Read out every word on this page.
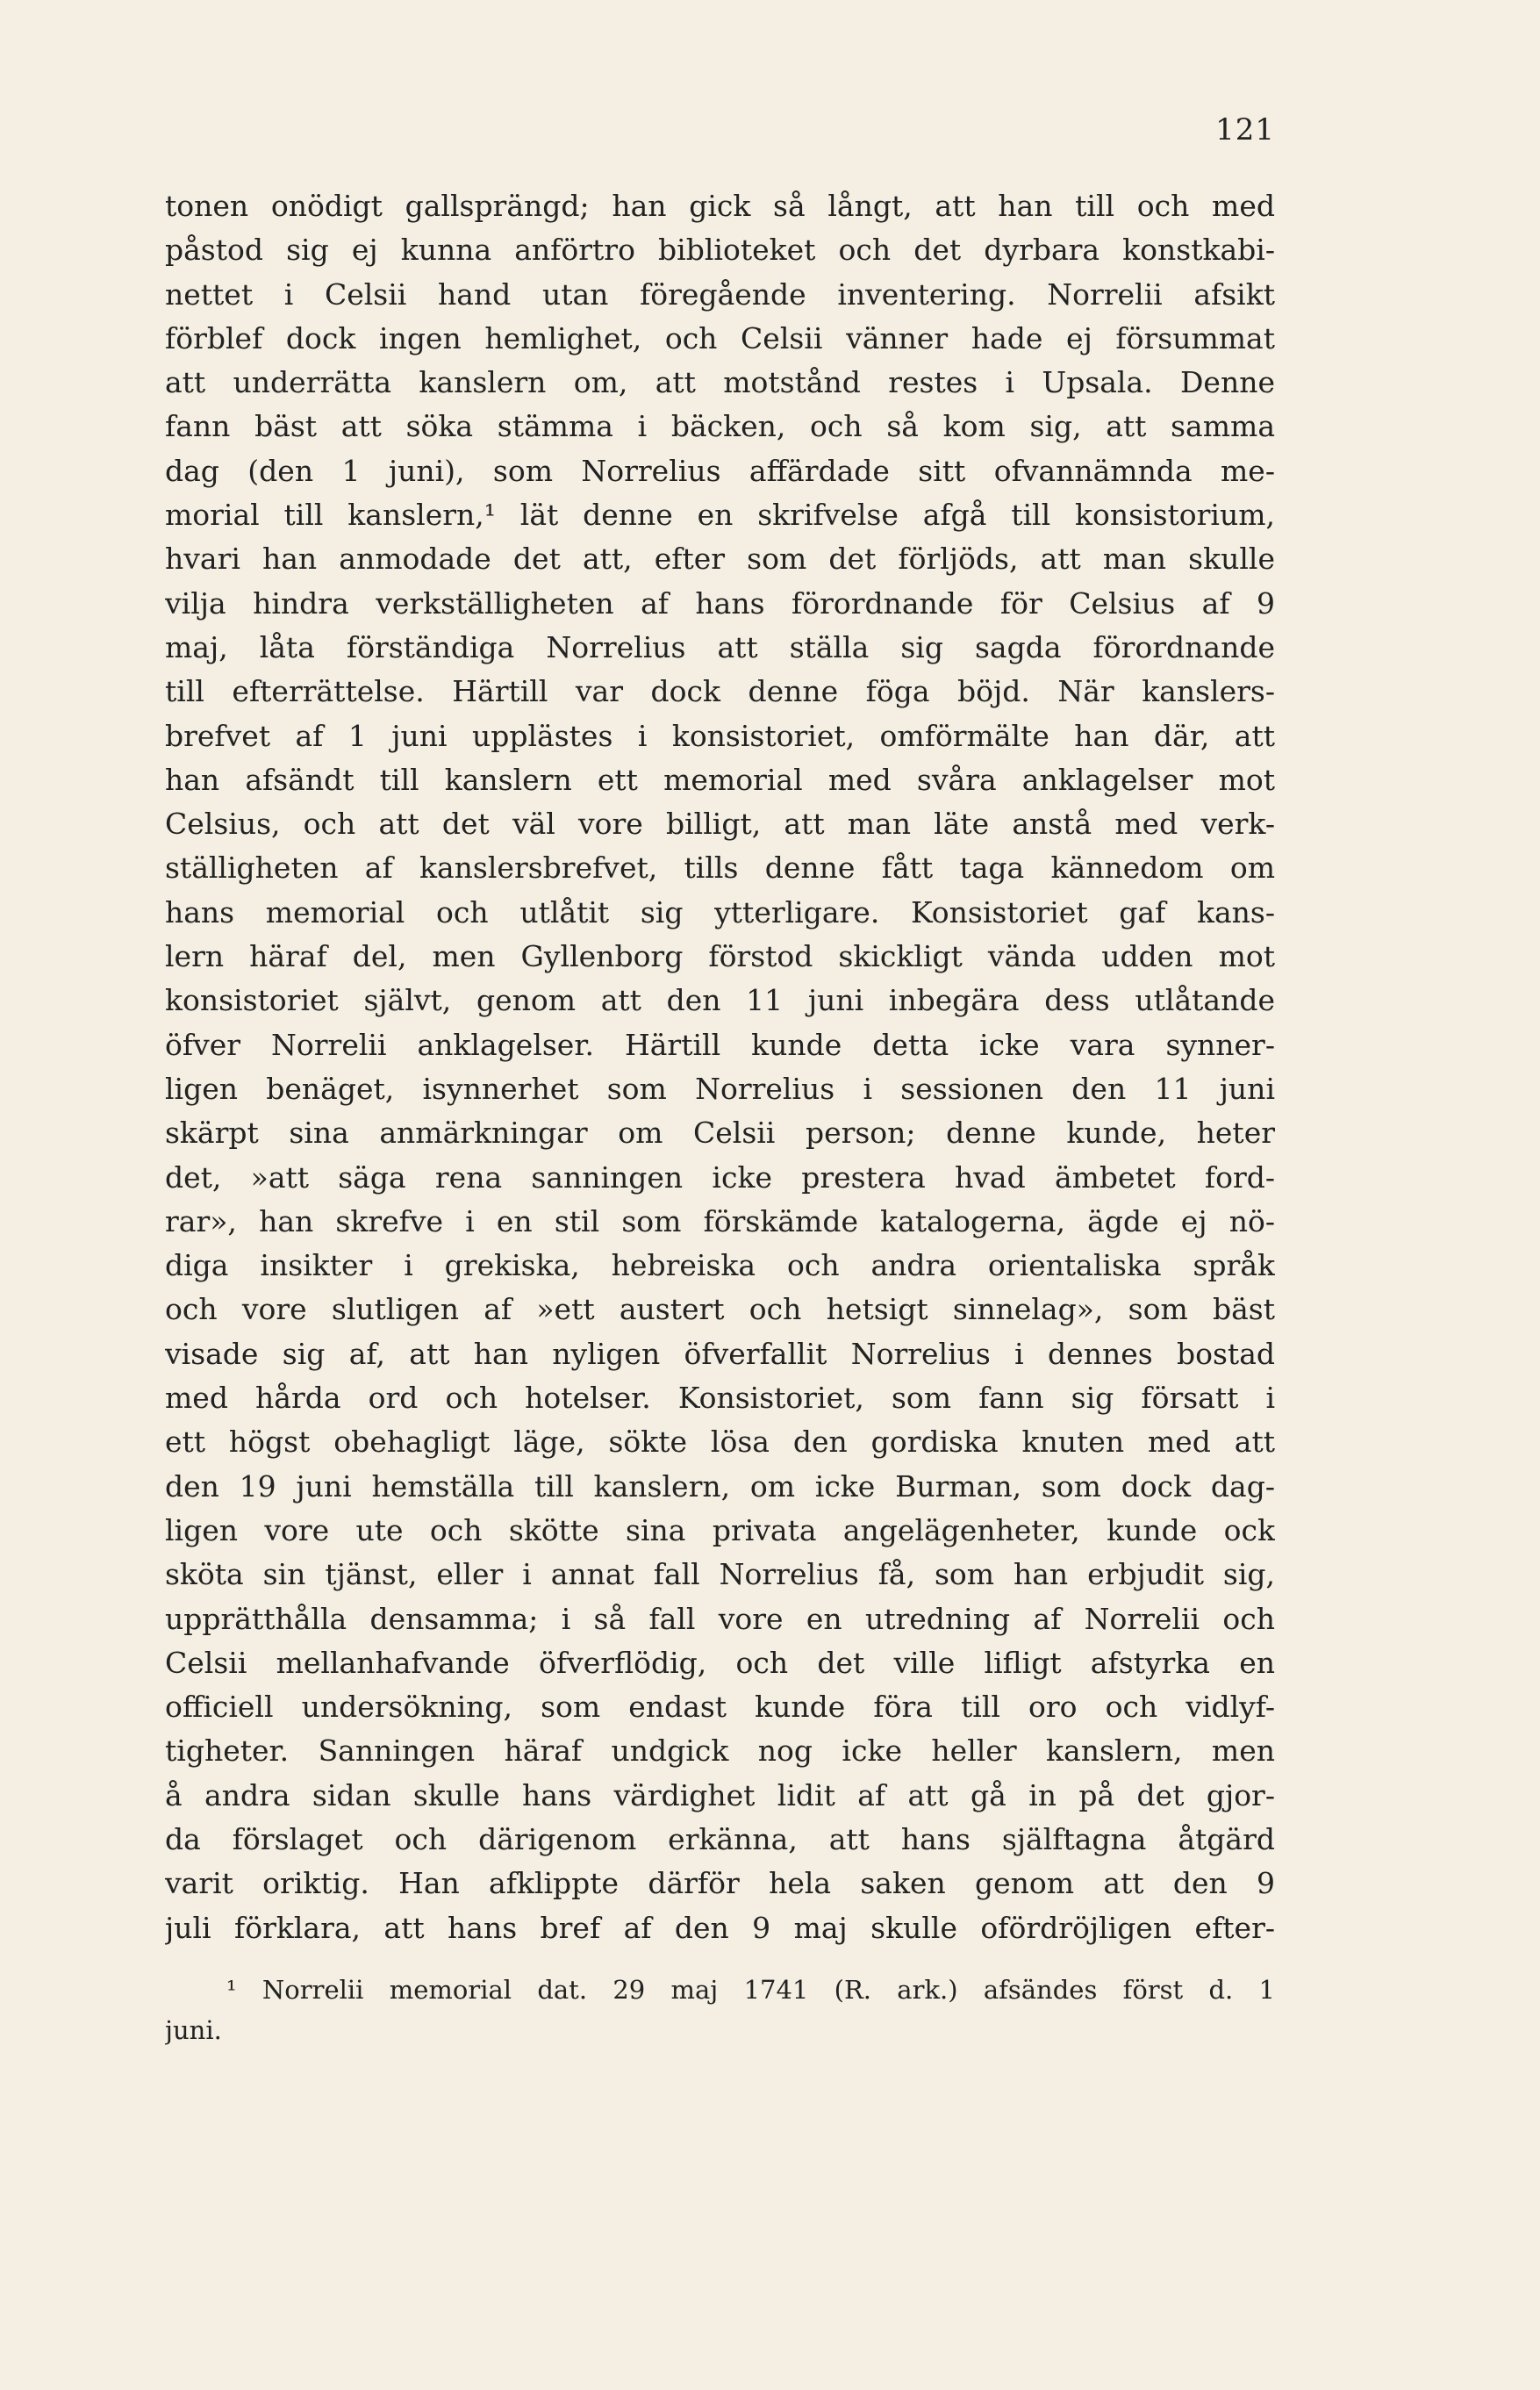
121
tonen onödigt gallsprängd; han gick så långt, att han till och med
påstod sig ej kunna anförtro biblioteket och det dyrbara konstkabi-
nettet i Celsii hand utan föregående inventering. Norrelii afsikt
förblef dock ingen hemlighet, och Celsii vänner hade ej försummat
att underrätta kanslern om, att motstånd restes i Upsala. Denne
fann bäst att söka stämma i bäcken, och så kom sig, att samma
dag (den 1 juni), som Norrelius affärdade sitt ofvannämnda me-
morial till kanslern,¹ lät denne en skrifvelse afgå till konsistorium,
hvari han anmodade det att, efter som det förljöds, att man skulle
vilja hindra verkställigheten af hans förordnande för Celsius af 9
maj, låta förständiga Norrelius att ställa sig sagda förordnande
till efterrättelse. Härtill var dock denne föga böjd. När kanslers-
brefvet af 1 juni upplästes i konsistoriet, omförmälte han där, att
han afsändt till kanslern ett memorial med svåra anklagelser mot
Celsius, och att det väl vore billigt, att man läte anstå med verk-
ställigheten af kanslersbrefvet, tills denne fått taga kännedom om
hans memorial och utlåtit sig ytterligare. Konsistoriet gaf kans-
lern häraf del, men Gyllenborg förstod skickligt vända udden mot
konsistoriet självt, genom att den 11 juni inbegära dess utlåtande
öfver Norrelii anklagelser. Härtill kunde detta icke vara synner-
ligen benäget, isynnerhet som Norrelius i sessionen den 11 juni
skärpt sina anmärkningar om Celsii person; denne kunde, heter
det, »att säga rena sanningen icke prestera hvad ämbetet ford-
rar», han skrefve i en stil som förskämde katalogerna, ägde ej nö-
diga insikter i grekiska, hebreiska och andra orientaliska språk
och vore slutligen af »ett austert och hetsigt sinnelag», som bäst
visade sig af, att han nyligen öfverfallit Norrelius i dennes bostad
med hårda ord och hotelser. Konsistoriet, som fann sig försatt i
ett högst obehagligt läge, sökte lösa den gordiska knuten med att
den 19 juni hemställa till kanslern, om icke Burman, som dock dag-
ligen vore ute och skötte sina privata angelägenheter, kunde ock
sköta sin tjänst, eller i annat fall Norrelius få, som han erbjudit sig,
upprätthålla densamma; i så fall vore en utredning af Norrelii och
Celsii mellanhafvande öfverflödig, och det ville lifligt afstyrka en
officiell undersökning, som endast kunde föra till oro och vidlyf-
tigheter. Sanningen häraf undgick nog icke heller kanslern, men
å andra sidan skulle hans värdighet lidit af att gå in på det gjor-
da förslaget och därigenom erkänna, att hans själftagna åtgärd
varit oriktig. Han afklippte därför hela saken genom att den 9
juli förklara, att hans bref af den 9 maj skulle ofördröjligen efter-
¹ Norrelii memorial dat. 29 maj 1741 (R. ark.) afsändes först d. 1
juni.
